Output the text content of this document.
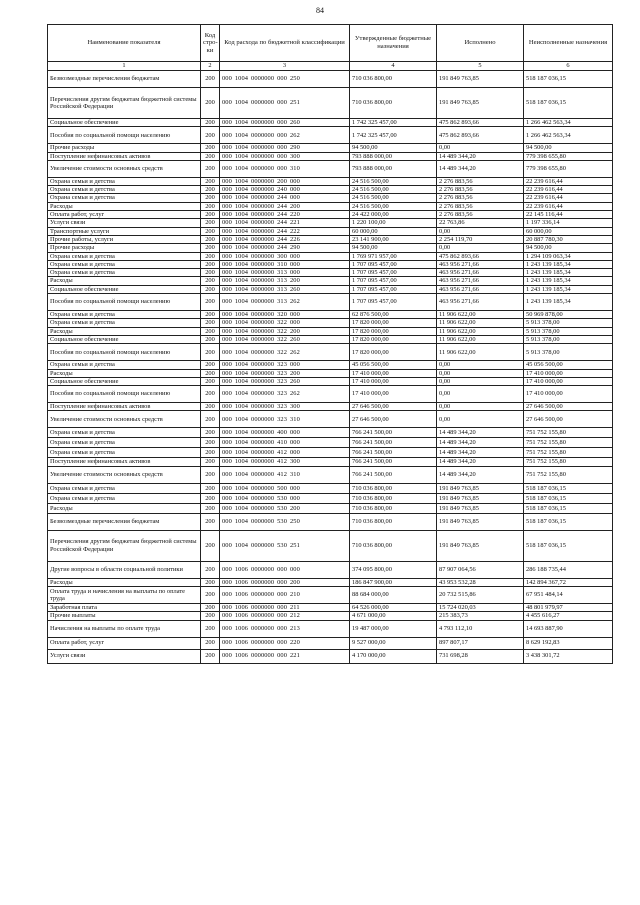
84
Наименование показателя	Код стро-ки	Код расхода по бюджетной классификации	Утвержденные бюджетные назначения	Исполнено	Неисполненные назначения
1	2	3	4	5	6
Безвозмездные перечисления бюджетам	200	000 1004 0000000 000 250	710 036 800,00	191 849 763,85	518 187 036,15
Перечисления другим бюджетам бюджетной системы Российской Федерации	200	000 1004 0000000 000 251	710 036 800,00	191 849 763,85	518 187 036,15
Социальное обеспечение	200	000 1004 0000000 000 260	1 742 325 457,00	475 862 893,66	1 266 462 563,34
Пособия по социальной помощи населению	200	000 1004 0000000 000 262	1 742 325 457,00	475 862 893,66	1 266 462 563,34
Прочие расходы	200	000 1004 0000000 000 290	94 500,00	0,00	94 500,00
Поступление нефинансовых активов	200	000 1004 0000000 000 300	793 888 000,00	14 489 344,20	779 398 655,80
Увеличение стоимости основных средств	200	000 1004 0000000 000 310	793 888 000,00	14 489 344,20	779 398 655,80
Охрана семьи и детства	200	000 1004 0000000 200 000	24 516 500,00	2 276 883,56	22 239 616,44
Охрана семьи и детства	200	000 1004 0000000 240 000	24 516 500,00	2 276 883,56	22 239 616,44
Охрана семьи и детства	200	000 1004 0000000 244 000	24 516 500,00	2 276 883,56	22 239 616,44
Расходы	200	000 1004 0000000 244 200	24 516 500,00	2 276 883,56	22 239 616,44
Оплата работ, услуг	200	000 1004 0000000 244 220	24 422 000,00	2 276 883,56	22 145 116,44
Услуги связи	200	000 1004 0000000 244 221	1 220 100,00	22 763,86	1 197 336,14
Транспортные услуги	200	000 1004 0000000 244 222	60 000,00	0,00	60 000,00
Прочие работы, услуги	200	000 1004 0000000 244 226	23 141 900,00	2 254 119,70	20 887 780,30
Прочие расходы	200	000 1004 0000000 244 290	94 500,00	0,00	94 500,00
Охрана семьи и детства	200	000 1004 0000000 300 000	1 769 971 957,00	475 862 893,66	1 294 109 063,34
Охрана семьи и детства	200	000 1004 0000000 310 000	1 707 095 457,00	463 956 271,66	1 243 139 185,34
Охрана семьи и детства	200	000 1004 0000000 313 000	1 707 095 457,00	463 956 271,66	1 243 139 185,34
Расходы	200	000 1004 0000000 313 200	1 707 095 457,00	463 956 271,66	1 243 139 185,34
Социальное обеспечение	200	000 1004 0000000 313 260	1 707 095 457,00	463 956 271,66	1 243 139 185,34
Пособия по социальной помощи населению	200	000 1004 0000000 313 262	1 707 095 457,00	463 956 271,66	1 243 139 185,34
Охрана семьи и детства	200	000 1004 0000000 320 000	62 876 500,00	11 906 622,00	50 969 878,00
Охрана семьи и детства	200	000 1004 0000000 322 000	17 820 000,00	11 906 622,00	5 913 378,00
Расходы	200	000 1004 0000000 322 200	17 820 000,00	11 906 622,00	5 913 378,00
Социальное обеспечение	200	000 1004 0000000 322 260	17 820 000,00	11 906 622,00	5 913 378,00
Пособия по социальной помощи населению	200	000 1004 0000000 322 262	17 820 000,00	11 906 622,00	5 913 378,00
Охрана семьи и детства	200	000 1004 0000000 323 000	45 056 500,00	0,00	45 056 500,00
Расходы	200	000 1004 0000000 323 200	17 410 000,00	0,00	17 410 000,00
Социальное обеспечение	200	000 1004 0000000 323 260	17 410 000,00	0,00	17 410 000,00
Пособия по социальной помощи населению	200	000 1004 0000000 323 262	17 410 000,00	0,00	17 410 000,00
Поступление нефинансовых активов	200	000 1004 0000000 323 300	27 646 500,00	0,00	27 646 500,00
Увеличение стоимости основных средств	200	000 1004 0000000 323 310	27 646 500,00	0,00	27 646 500,00
Охрана семьи и детства	200	000 1004 0000000 400 000	766 241 500,00	14 489 344,20	751 752 155,80
Охрана семьи и детства	200	000 1004 0000000 410 000	766 241 500,00	14 489 344,20	751 752 155,80
Охрана семьи и детства	200	000 1004 0000000 412 000	766 241 500,00	14 489 344,20	751 752 155,80
Поступление нефинансовых активов	200	000 1004 0000000 412 300	766 241 500,00	14 489 344,20	751 752 155,80
Увеличение стоимости основных средств	200	000 1004 0000000 412 310	766 241 500,00	14 489 344,20	751 752 155,80
Охрана семьи и детства	200	000 1004 0000000 500 000	710 036 800,00	191 849 763,85	518 187 036,15
Охрана семьи и детства	200	000 1004 0000000 530 000	710 036 800,00	191 849 763,85	518 187 036,15
Расходы	200	000 1004 0000000 530 200	710 036 800,00	191 849 763,85	518 187 036,15
Безвозмездные перечисления бюджетам	200	000 1004 0000000 530 250	710 036 800,00	191 849 763,85	518 187 036,15
Перечисления другим бюджетам бюджетной системы Российской Федерации	200	000 1004 0000000 530 251	710 036 800,00	191 849 763,85	518 187 036,15
Другие вопросы в области социальной политики	200	000 1006 0000000 000 000	374 095 800,00	87 907 064,56	286 188 735,44
Расходы	200	000 1006 0000000 000 200	186 847 900,00	43 953 532,28	142 894 367,72
Оплата труда и начисления на выплаты по оплате труда	200	000 1006 0000000 000 210	88 684 000,00	20 732 515,86	67 951 484,14
Заработная плата	200	000 1006 0000000 000 211	64 526 000,00	15 724 020,03	48 801 979,97
Прочие выплаты	200	000 1006 0000000 000 212	4 671 000,00	215 383,73	4 455 616,27
Начисления на выплаты по оплате труда	200	000 1006 0000000 000 213	19 487 000,00	4 793 112,10	14 693 887,90
Оплата работ, услуг	200	000 1006 0000000 000 220	9 527 000,00	897 807,17	8 629 192,83
Услуги связи	200	000 1006 0000000 000 221	4 170 000,00	731 698,28	3 438 301,72
